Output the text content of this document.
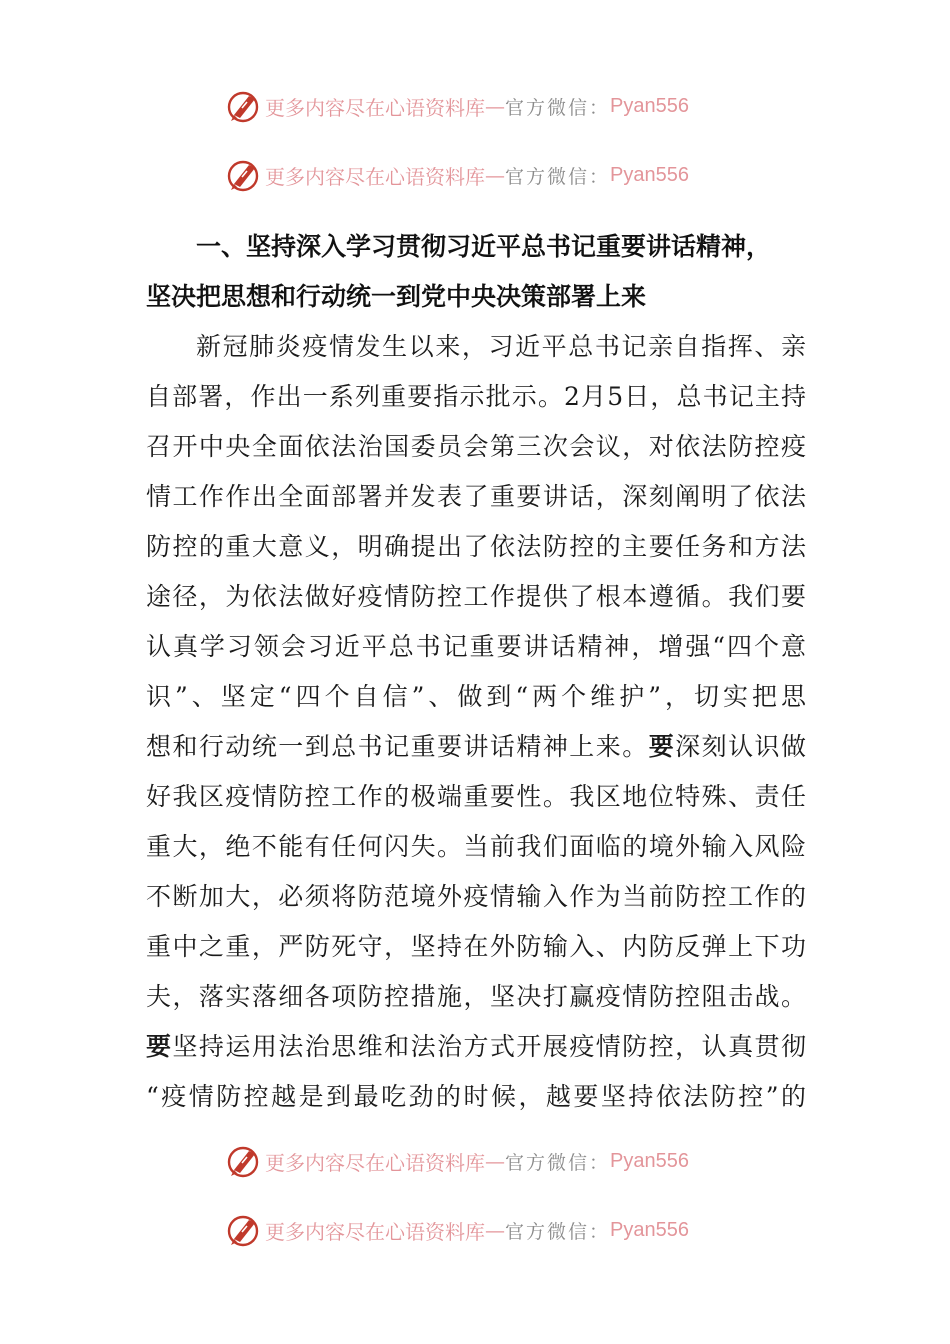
更多内容尽在心语资料库 — 官方微信： Pyan556
更多内容尽在心语资料库 — 官方微信： Pyan556
一、坚持深入学习贯彻习近平总书记重要讲话精神，
坚决把思想和行动统一到党中央决策部署上来
新冠肺炎疫情发生以来，习近平总书记亲自指挥、亲
自部署，作出一系列重要指示批示。2月5日，总书记主持
召开中央全面依法治国委员会第三次会议，对依法防控疫
情工作作出全面部署并发表了重要讲话，深刻阐明了依法
防控的重大意义，明确提出了依法防控的主要任务和方法
途径，为依法做好疫情防控工作提供了根本遵循。我们要
认真学习领会习近平总书记重要讲话精神，增强“四个意
识”、坚定“四个自信”、做到“两个维护”，切实把思
想和行动统一到总书记重要讲话精神上来。要深刻认识做
好我区疫情防控工作的极端重要性。我区地位特殊、责任
重大，绝不能有任何闪失。当前我们面临的境外输入风险
不断加大，必须将防范境外疫情输入作为当前防控工作的
重中之重，严防死守，坚持在外防输入、内防反弹上下功
夫，落实落细各项防控措施，坚决打赢疫情防控阻击战。
要坚持运用法治思维和法治方式开展疫情防控，认真贯彻
“疫情防控越是到最吃劲的时候，越要坚持依法防控”的
更多内容尽在心语资料库 — 官方微信： Pyan556
更多内容尽在心语资料库 — 官方微信： Pyan556
